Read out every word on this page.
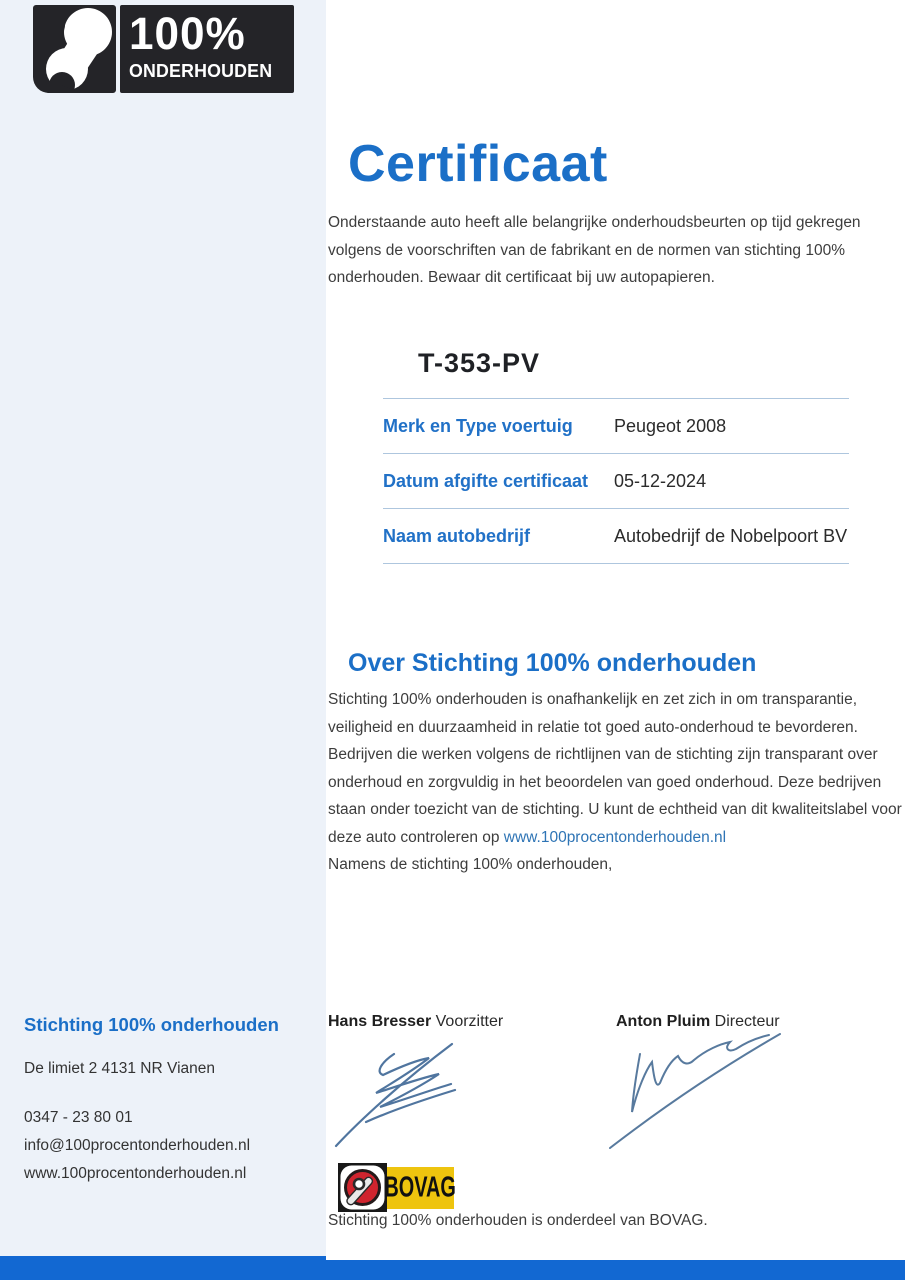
100%
ONDERHOUDEN
Stichting 100% onderhouden
De limiet 2 4131 NR Vianen
0347 - 23 80 01
info@100procentonderhouden.nl
www.100procentonderhouden.nl
Certificaat

Onderstaande auto heeft alle belangrijke onderhoudsbeurten op tijd gekregen volgens de voorschriften van de fabrikant en de normen van stichting 100% onderhouden. Bewaar dit certificaat bij uw autopapieren.

T-353-PV
Merk en Type voertuig	Peugeot 2008
Datum afgifte certificaat	05-12-2024
Naam autobedrijf	Autobedrijf de Nobelpoort BV
Over Stichting 100% onderhouden

Stichting 100% onderhouden is onafhankelijk en zet zich in om transparantie, veiligheid en duurzaamheid in relatie tot goed auto-onderhoud te bevorderen. Bedrijven die werken volgens de richtlijnen van de stichting zijn transparant over onderhoud en zorgvuldig in het beoordelen van goed onderhoud. Deze bedrijven staan onder toezicht van de stichting. U kunt de echtheid van dit kwaliteitslabel voor deze auto controleren op www.100procentonderhouden.nl
Namens de stichting 100% onderhouden,

Hans Bresser Voorzitter	Anton Pluim Directeur
BOVAG

Stichting 100% onderhouden is onderdeel van BOVAG.
